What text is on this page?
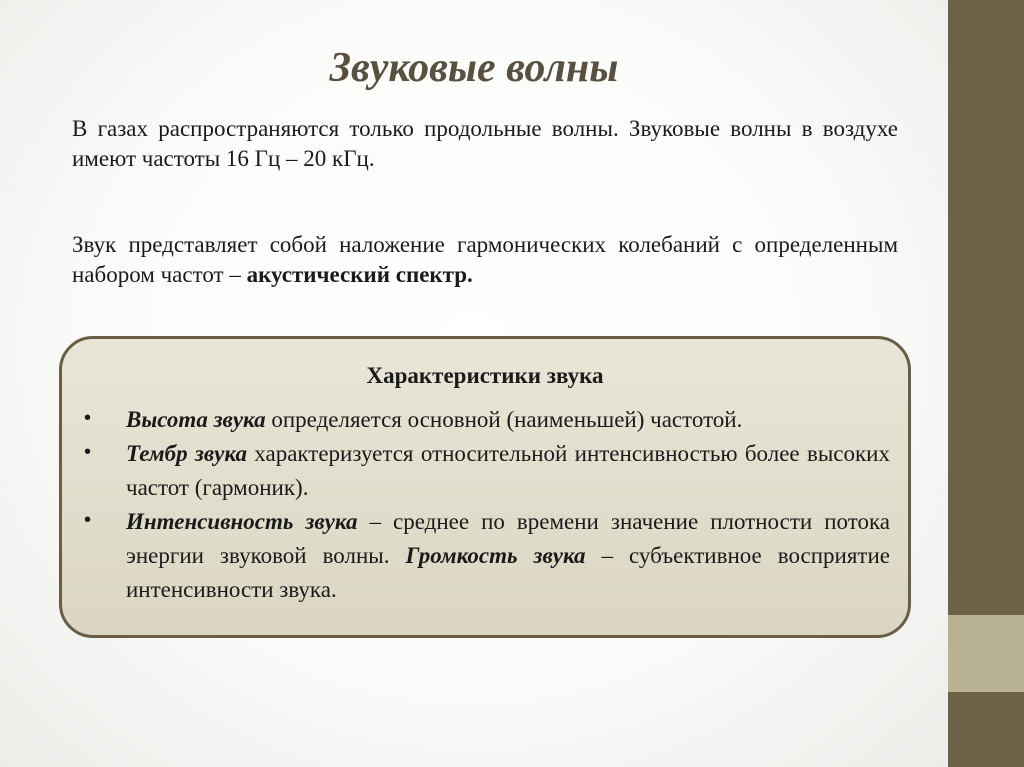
Звуковые волны

В газах распространяются только продольные волны. Звуковые волны в воздухе имеют частоты 16 Гц – 20 кГц.

Звук представляет собой наложение гармонических колебаний с определенным набором частот – акустический спектр.

Характеристики звука
• Высота звука определяется основной (наименьшей) частотой.

• Тембр звука характеризуется относительной интенсивностью более высоких частот (гармоник).

• Интенсивность звука – среднее по времени значение плотности потока энергии звуковой волны. Громкость звука – субъективное восприятие интенсивности звука.
